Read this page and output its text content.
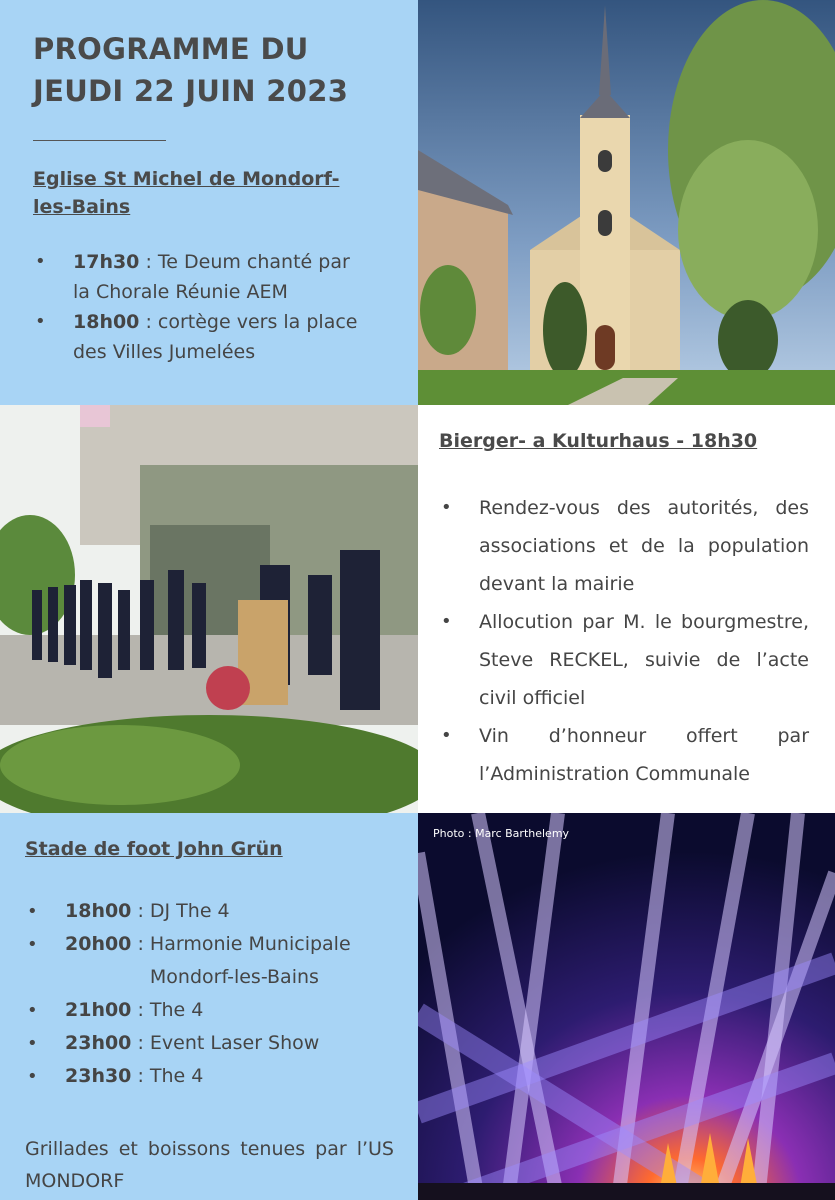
PROGRAMME DU
JEUDI 22 JUIN 2023
Eglise St Michel de Mondorf-
les-Bains
• 17h30 : Te Deum chanté par
la Chorale Réunie AEM
• 18h00 : cortège vers la place
des Villes Jumelées
Bierger- a Kulturhaus - 18h30
• Rendez-vous des autorités, des associations et de la population devant la mairie
• Allocution par M. le bourgmestre, Steve RECKEL, suivie de l’acte civil officiel
• Vin d’honneur offert par l’Administration Communale
Stade de foot John Grün
• 18h00 : DJ The 4
• 20h00 : Harmonie Municipale Mondorf-les-Bains
• 21h00 : The 4
• 23h00 : Event Laser Show
• 23h30 : The 4

Grillades et boissons tenues par l’US MONDORF

Photo : Marc Barthelemy
